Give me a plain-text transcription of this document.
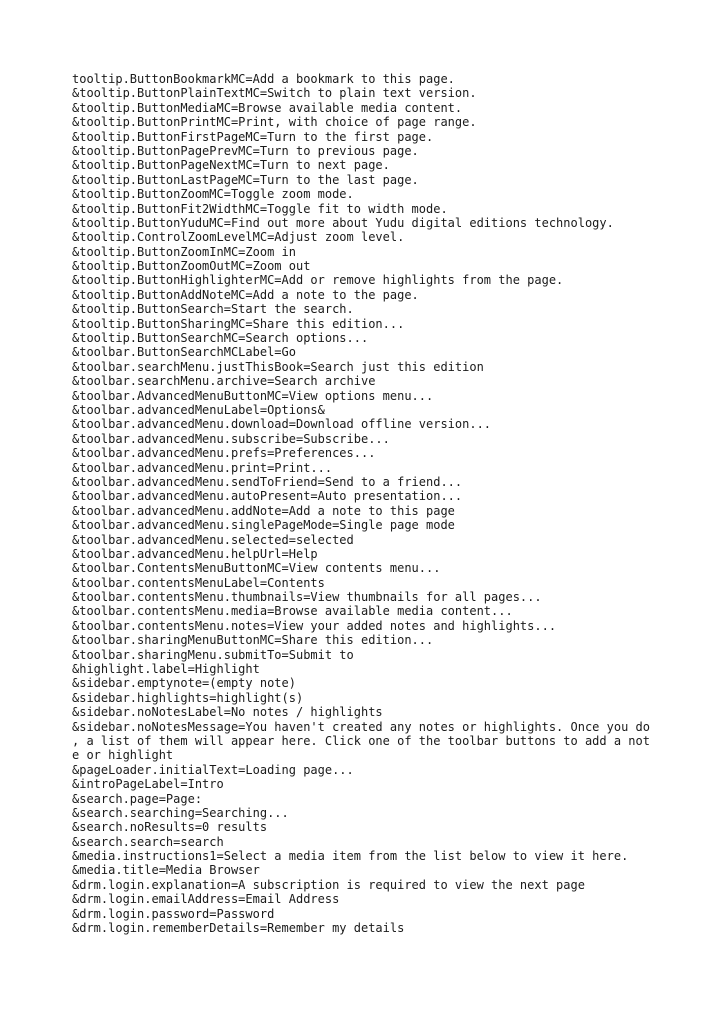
tooltip.ButtonBookmarkMC=Add a bookmark to this page.
&tooltip.ButtonPlainTextMC=Switch to plain text version.
&tooltip.ButtonMediaMC=Browse available media content.
&tooltip.ButtonPrintMC=Print, with choice of page range.
&tooltip.ButtonFirstPageMC=Turn to the first page.
&tooltip.ButtonPagePrevMC=Turn to previous page.
&tooltip.ButtonPageNextMC=Turn to next page.
&tooltip.ButtonLastPageMC=Turn to the last page.
&tooltip.ButtonZoomMC=Toggle zoom mode.
&tooltip.ButtonFit2WidthMC=Toggle fit to width mode.
&tooltip.ButtonYuduMC=Find out more about Yudu digital editions technology.
&tooltip.ControlZoomLevelMC=Adjust zoom level.
&tooltip.ButtonZoomInMC=Zoom in
&tooltip.ButtonZoomOutMC=Zoom out
&tooltip.ButtonHighlighterMC=Add or remove highlights from the page.
&tooltip.ButtonAddNoteMC=Add a note to the page.
&tooltip.ButtonSearch=Start the search.
&tooltip.ButtonSharingMC=Share this edition...
&tooltip.ButtonSearchMC=Search options...
&toolbar.ButtonSearchMCLabel=Go
&toolbar.searchMenu.justThisBook=Search just this edition
&toolbar.searchMenu.archive=Search archive
&toolbar.AdvancedMenuButtonMC=View options menu...
&toolbar.advancedMenuLabel=Options&
&toolbar.advancedMenu.download=Download offline version...
&toolbar.advancedMenu.subscribe=Subscribe...
&toolbar.advancedMenu.prefs=Preferences...
&toolbar.advancedMenu.print=Print...
&toolbar.advancedMenu.sendToFriend=Send to a friend...
&toolbar.advancedMenu.autoPresent=Auto presentation...
&toolbar.advancedMenu.addNote=Add a note to this page
&toolbar.advancedMenu.singlePageMode=Single page mode
&toolbar.advancedMenu.selected=selected
&toolbar.advancedMenu.helpUrl=Help
&toolbar.ContentsMenuButtonMC=View contents menu...
&toolbar.contentsMenuLabel=Contents
&toolbar.contentsMenu.thumbnails=View thumbnails for all pages...
&toolbar.contentsMenu.media=Browse available media content...
&toolbar.contentsMenu.notes=View your added notes and highlights...
&toolbar.sharingMenuButtonMC=Share this edition...
&toolbar.sharingMenu.submitTo=Submit to
&highlight.label=Highlight
&sidebar.emptynote=(empty note)
&sidebar.highlights=highlight(s)
&sidebar.noNotesLabel=No notes / highlights
&sidebar.noNotesMessage=You haven't created any notes or highlights. Once you do
, a list of them will appear here. Click one of the toolbar buttons to add a not
e or highlight
&pageLoader.initialText=Loading page...
&introPageLabel=Intro
&search.page=Page:
&search.searching=Searching...
&search.noResults=0 results
&search.search=search
&media.instructions1=Select a media item from the list below to view it here.
&media.title=Media Browser
&drm.login.explanation=A subscription is required to view the next page
&drm.login.emailAddress=Email Address
&drm.login.password=Password
&drm.login.rememberDetails=Remember my details
